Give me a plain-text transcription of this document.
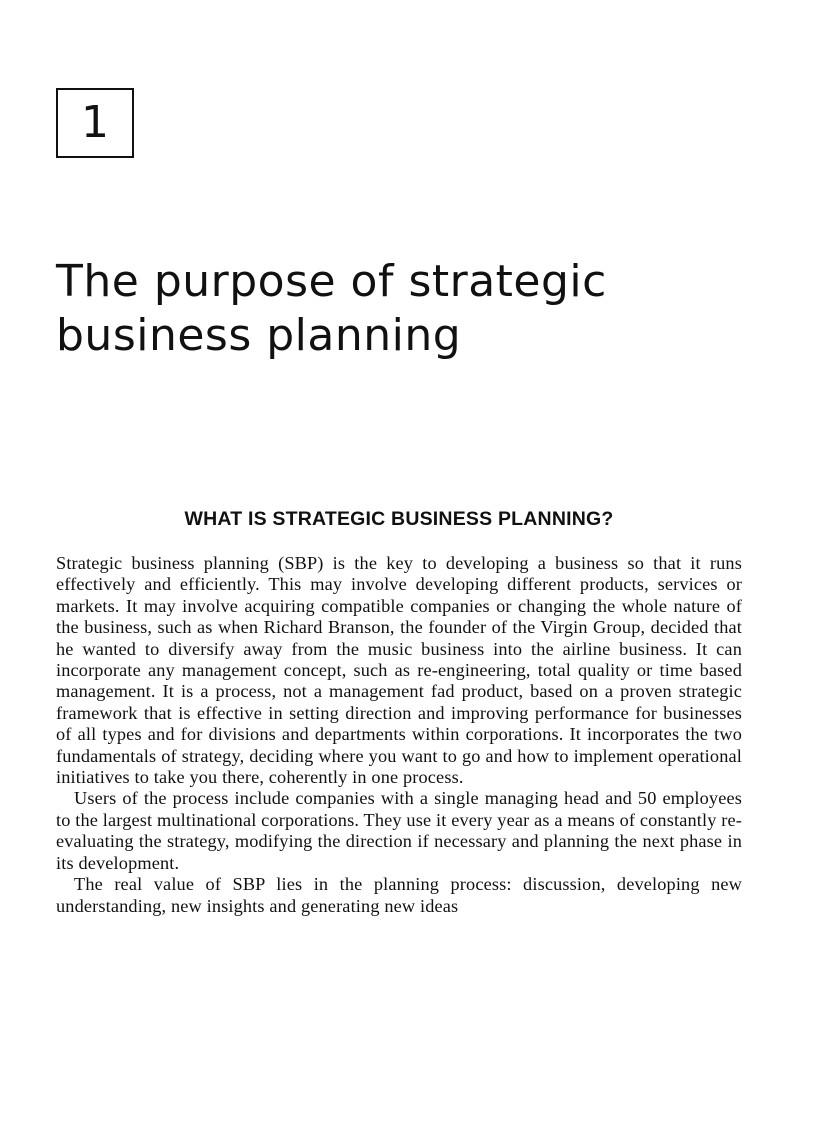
1
The purpose of strategic business planning
WHAT IS STRATEGIC BUSINESS PLANNING?

Strategic business planning (SBP) is the key to developing a business so that it runs effectively and efficiently. This may involve developing different products, services or markets. It may involve acquiring compatible companies or changing the whole nature of the business, such as when Richard Branson, the founder of the Virgin Group, decided that he wanted to diversify away from the music business into the airline business. It can incorporate any management concept, such as re-engineering, total quality or time based management. It is a process, not a management fad product, based on a proven strategic framework that is effective in setting direction and improving performance for businesses of all types and for divisions and departments within corporations. It incorporates the two fundamentals of strategy, deciding where you want to go and how to implement operational initiatives to take you there, coherently in one process.

Users of the process include companies with a single managing head and 50 employees to the largest multinational corporations. They use it every year as a means of constantly re-evaluating the strategy, modifying the direction if necessary and planning the next phase in its development.

The real value of SBP lies in the planning process: discussion, developing new understanding, new insights and generating new ideas
